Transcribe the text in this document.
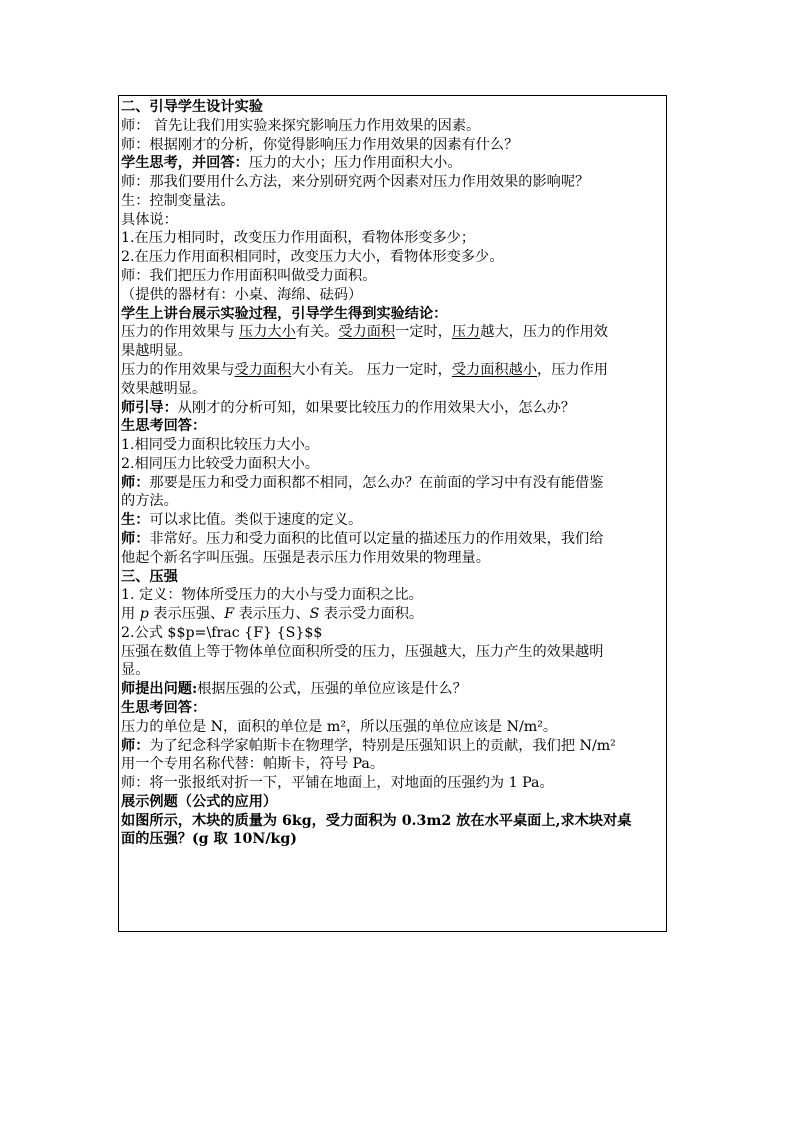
二、引导学生设计实验
师： 首先让我们用实验来探究影响压力作用效果的因素。
师：根据刚才的分析，你觉得影响压力作用效果的因素有什么？
学生思考，并回答：压力的大小；压力作用面积大小。
师：那我们要用什么方法，来分别研究两个因素对压力作用效果的影响呢？
生：控制变量法。
具体说：
1.在压力相同时，改变压力作用面积，看物体形变多少；
2.在压力作用面积相同时，改变压力大小，看物体形变多少。
师：我们把压力作用面积叫做受力面积。
（提供的器材有：小桌、海绵、砝码）
学生上讲台展示实验过程，引导学生得到实验结论：
压力的作用效果与 压力大小有关。受力面积一定时，压力越大，压力的作用效
果越明显。
压力的作用效果与受力面积大小有关。 压力一定时，受力面积越小，压力作用
效果越明显。
师引导：从刚才的分析可知，如果要比较压力的作用效果大小，怎么办？
生思考回答：
1.相同受力面积比较压力大小。
2.相同压力比较受力面积大小。
师：那要是压力和受力面积都不相同，怎么办？在前面的学习中有没有能借鉴
的方法。
生：可以求比值。类似于速度的定义。
师：非常好。压力和受力面积的比值可以定量的描述压力的作用效果，我们给
他起个新名字叫压强。压强是表示压力作用效果的物理量。
三、压强
1. 定义：物体所受压力的大小与受力面积之比。
用 p 表示压强、F 表示压力、S 表示受力面积。
2.公式 $$p=\frac {F} {S}$$
压强在数值上等于物体单位面积所受的压力，压强越大，压力产生的效果越明
显。
师提出问题:根据压强的公式，压强的单位应该是什么？
生思考回答：
压力的单位是 N，面积的单位是 m²，所以压强的单位应该是 N/m²。
师：为了纪念科学家帕斯卡在物理学，特别是压强知识上的贡献，我们把 N/m²
用一个专用名称代替：帕斯卡，符号 Pa。
师：将一张报纸对折一下，平铺在地面上，对地面的压强约为 1 Pa。
展示例题（公式的应用）
如图所示，木块的质量为 6kg，受力面积为 0.3m2 放在水平桌面上,求木块对桌
面的压强？(g 取 10N/kg)
